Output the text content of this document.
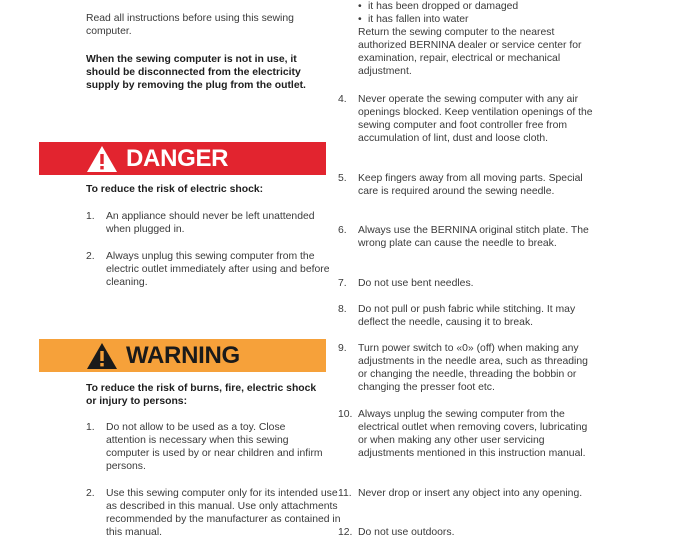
Read all instructions before using this sewing computer.

When the sewing computer is not in use, it should be disconnected from the electricity supply by removing the plug from the outlet.

To reduce the risk of electric shock:

1. An appliance should never be left unattended when plugged in.
2. Always unplug this sewing computer from the electric outlet immediately after using and before cleaning.

To reduce the risk of burns, fire, electric shock or injury to persons:

1. Do not allow to be used as a toy. Close attention is necessary when this sewing computer is used by or near children and infirm persons.
2. Use this sewing computer only for its intended use as described in this manual. Use only attachments recommended by the manufacturer as contained in this manual.
DANGER
WARNING
• it has been dropped or damaged
• it has fallen into water

Return the sewing computer to the nearest authorized BERNINA dealer or service center for examination, repair, electrical or mechanical adjustment.

4. Never operate the sewing computer with any air openings blocked. Keep ventilation openings of the sewing computer and foot controller free from accumulation of lint, dust and loose cloth.
5. Keep fingers away from all moving parts. Special care is required around the sewing needle.
6. Always use the BERNINA original stitch plate. The wrong plate can cause the needle to break.
7. Do not use bent needles.
8. Do not pull or push fabric while stitching. It may deflect the needle, causing it to break.
9. Turn power switch to «0» (off) when making any adjustments in the needle area, such as threading or changing the needle, threading the bobbin or changing the presser foot etc.
10. Always unplug the sewing computer from the electrical outlet when removing covers, lubricating or when making any other user servicing adjustments mentioned in this instruction manual.
11. Never drop or insert any object into any opening.
12. Do not use outdoors.
